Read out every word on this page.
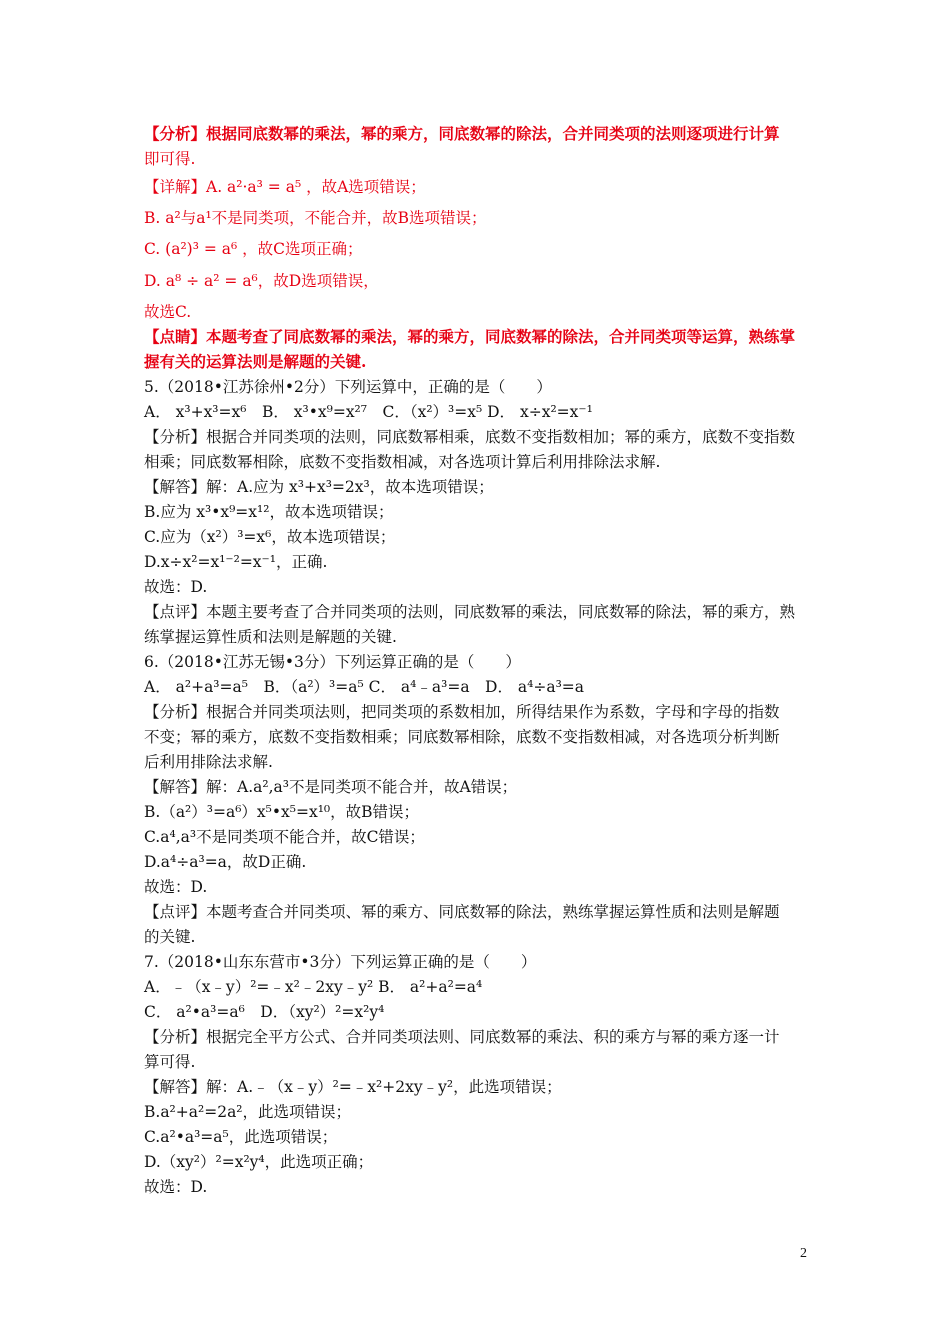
【分析】根据同底数幂的乘法，幂的乘方，同底数幂的除法，合并同类项的法则逐项进行计算
即可得.
【详解】A. a²·a³ = a⁵ ，故A选项错误；
B. a²与a¹不是同类项，不能合并，故B选项错误；
C. (a²)³ = a⁶ ，故C选项正确；
D. a⁸ ÷ a² = a⁶，故D选项错误，
故选C.
【点睛】本题考查了同底数幂的乘法，幂的乘方，同底数幂的除法，合并同类项等运算，熟练掌
握有关的运算法则是解题的关键.
5.（2018•江苏徐州•2分）下列运算中，正确的是（　　）
A． x³+x³=x⁶　B． x³•x⁹=x²⁷　C．（x²）³=x⁵ D． x÷x²=x⁻¹
【分析】根据合并同类项的法则，同底数幂相乘，底数不变指数相加；幂的乘方，底数不变指数
相乘；同底数幂相除，底数不变指数相减，对各选项计算后利用排除法求解.
【解答】解：A.应为 x³+x³=2x³，故本选项错误；
B.应为 x³•x⁹=x¹²，故本选项错误；
C.应为（x²）³=x⁶，故本选项错误；
D.x÷x²=x¹⁻²=x⁻¹，正确.
故选：D.
【点评】本题主要考查了合并同类项的法则，同底数幂的乘法，同底数幂的除法，幂的乘方，熟
练掌握运算性质和法则是解题的关键.
6.（2018•江苏无锡•3分）下列运算正确的是（　　）
A． a²+a³=a⁵　B．（a²）³=a⁵ C． a⁴﹣a³=a　D． a⁴÷a³=a
【分析】根据合并同类项法则，把同类项的系数相加，所得结果作为系数，字母和字母的指数
不变；幂的乘方，底数不变指数相乘；同底数幂相除，底数不变指数相减，对各选项分析判断
后利用排除法求解.
【解答】解：A.a²,a³不是同类项不能合并，故A错误；
B.（a²）³=a⁶）x⁵•x⁵=x¹⁰，故B错误；
C.a⁴,a³不是同类项不能合并，故C错误；
D.a⁴÷a³=a，故D正确.
故选：D.
【点评】本题考查合并同类项、幂的乘方、同底数幂的除法，熟练掌握运算性质和法则是解题
的关键.
7.（2018•山东东营市•3分）下列运算正确的是（　　）
A．﹣（x﹣y）²=﹣x²﹣2xy﹣y² B． a²+a²=a⁴
C． a²•a³=a⁶　D．（xy²）²=x²y⁴
【分析】根据完全平方公式、合并同类项法则、同底数幂的乘法、积的乘方与幂的乘方逐一计
算可得.
【解答】解：A.﹣（x﹣y）²=﹣x²+2xy﹣y²，此选项错误；
B.a²+a²=2a²，此选项错误；
C.a²•a³=a⁵，此选项错误；
D.（xy²）²=x²y⁴，此选项正确；
故选：D.
2
